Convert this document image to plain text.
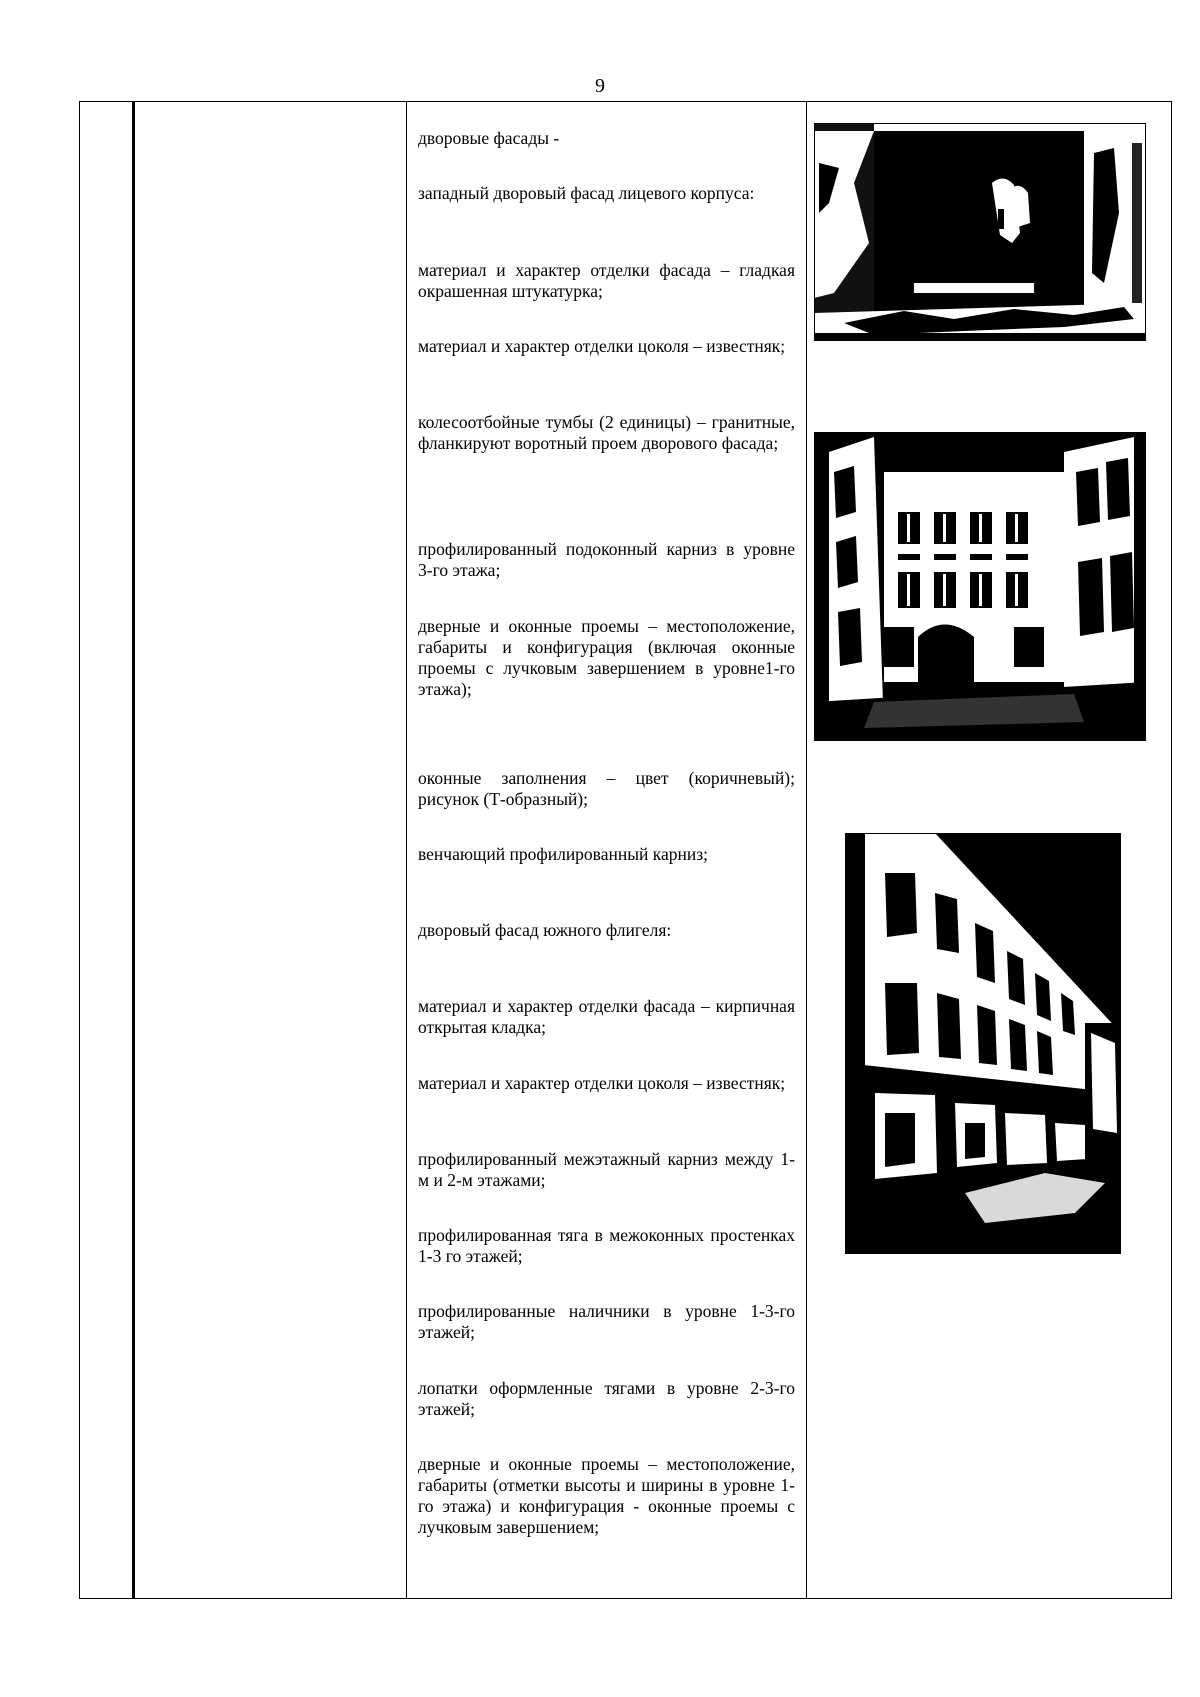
9

дворовые фасады -

западный дворовый фасад лицевого корпуса:

материал и характер отделки фасада – гладкая окрашенная штукатурка;

материал и характер отделки цоколя – известняк;

колесоотбойные тумбы (2 единицы) – гранитные, фланкируют воротный проем дворового фасада;

профилированный подоконный карниз в уровне 3-го этажа;

дверные и оконные проемы – местоположение, габариты и конфигурация (включая оконные проемы с лучковым завершением в уровне1-го этажа);

оконные заполнения – цвет (коричневый); рисунок (Т-образный);

венчающий профилированный карниз;

дворовый фасад южного флигеля:

материал и характер отделки фасада – кирпичная открытая кладка;

материал и характер отделки цоколя – известняк;

профилированный межэтажный карниз между 1-м и 2-м этажами;

профилированная тяга в межоконных простенках 1-3 го этажей;

профилированные наличники в уровне 1-3-го этажей;

лопатки оформленные тягами в уровне 2-3-го этажей;

дверные и оконные проемы – местоположение, габариты (отметки высоты и ширины в уровне 1-го этажа) и конфигурация - оконные проемы с лучковым завершением;
